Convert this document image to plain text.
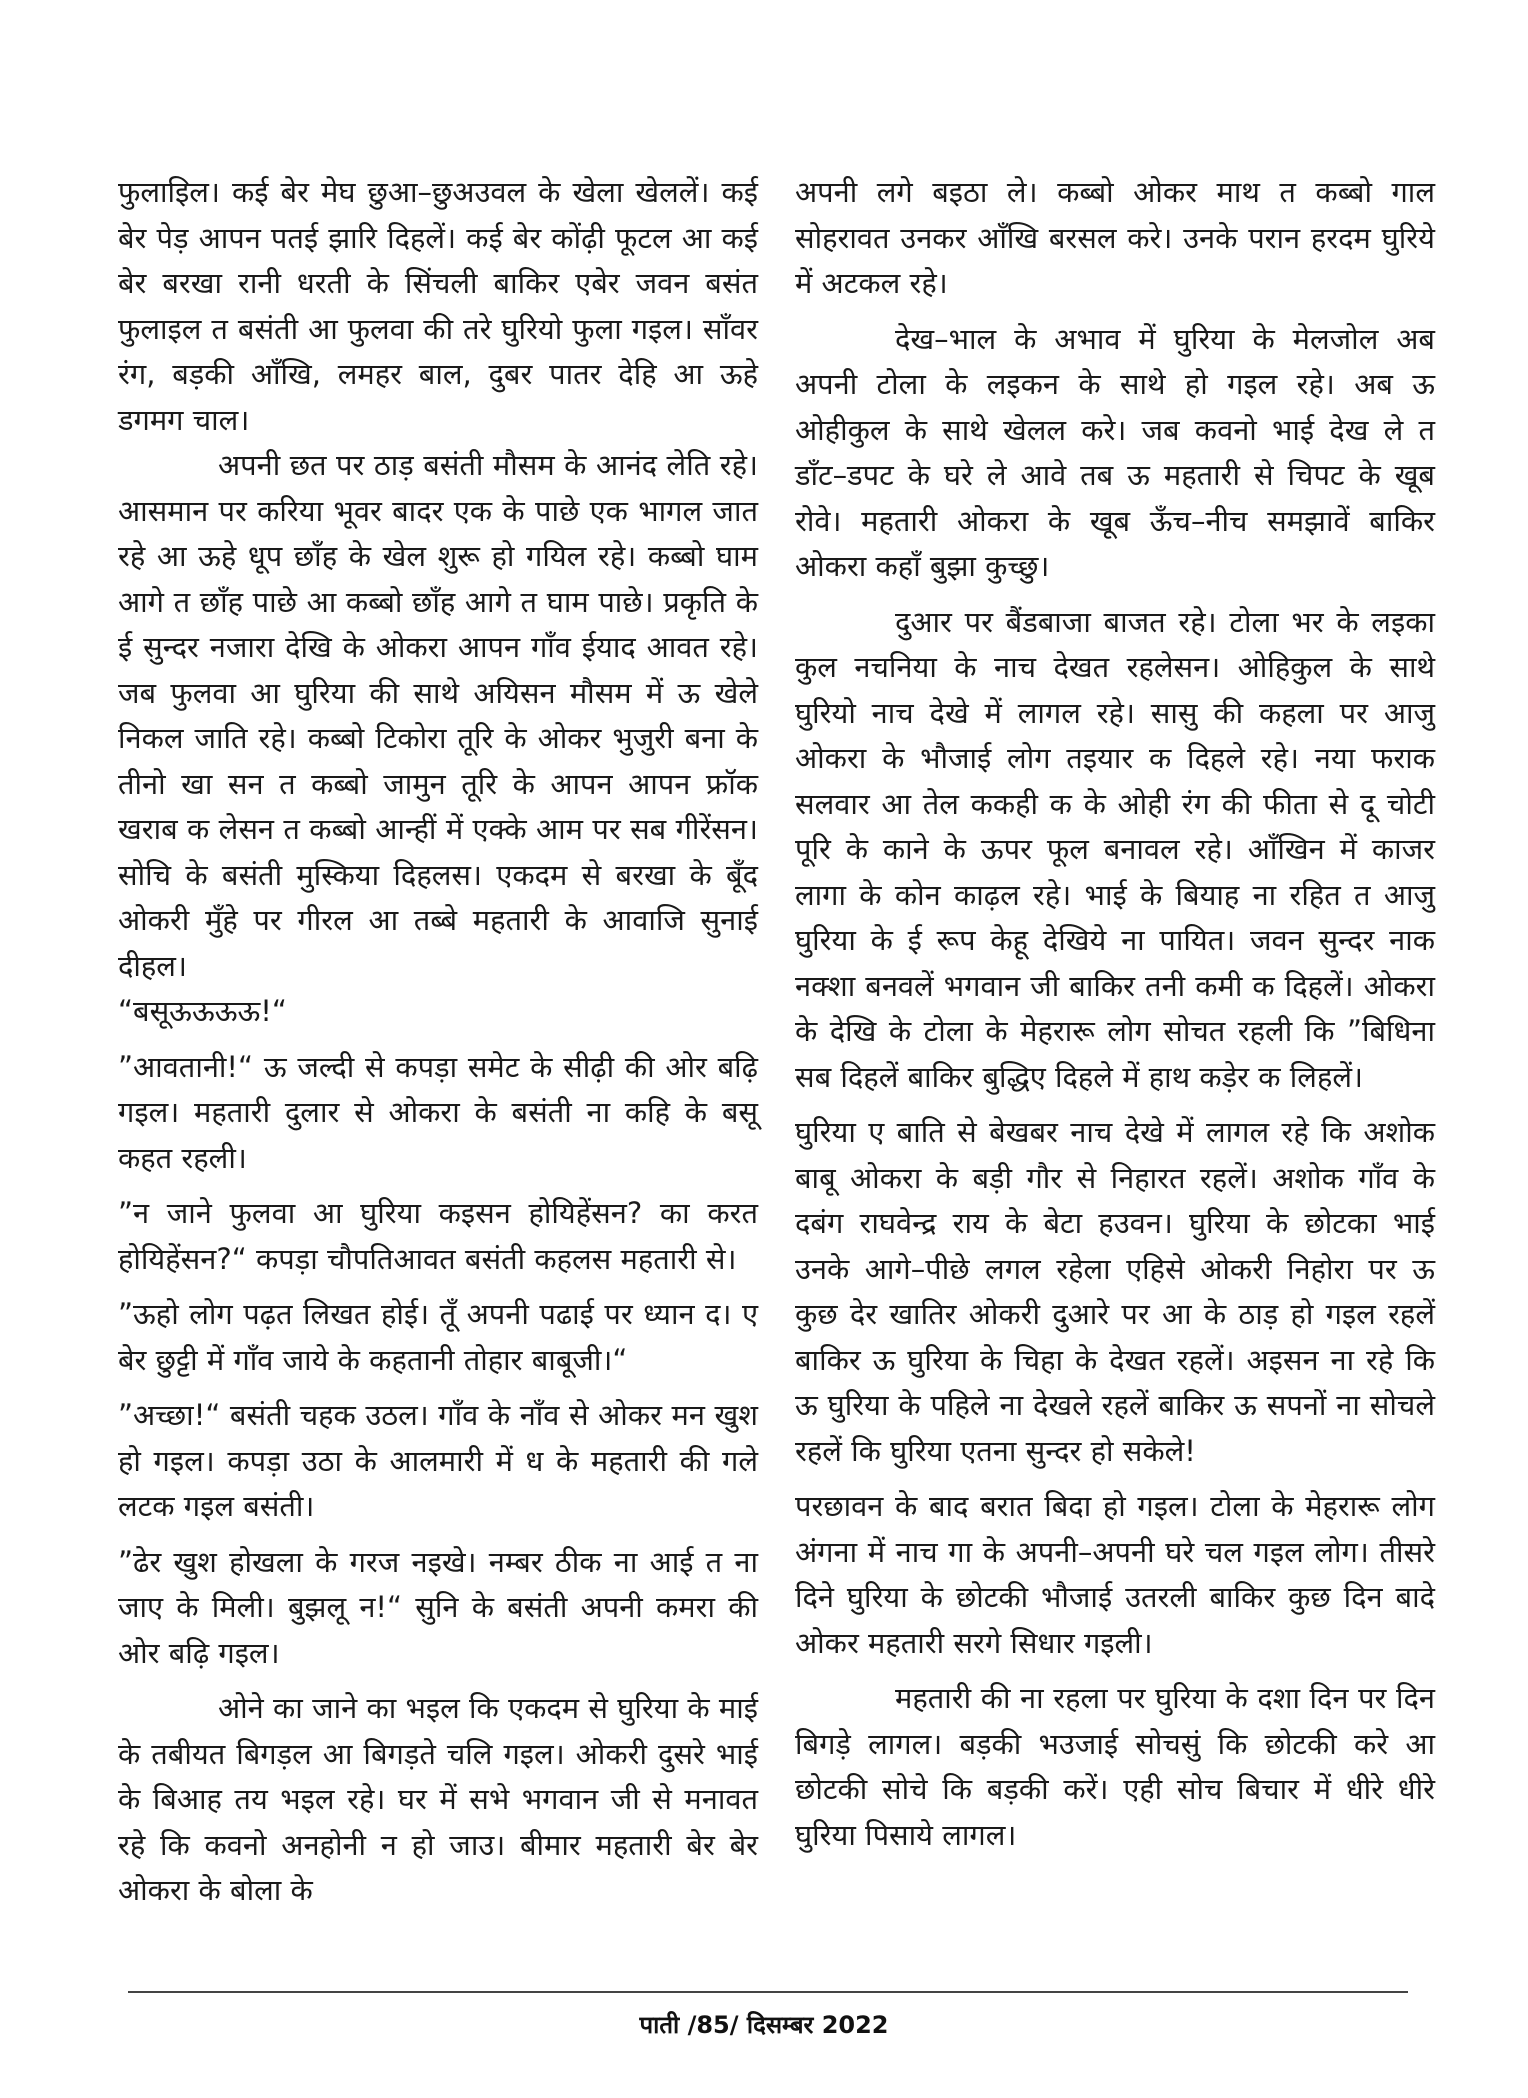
फुलाइिल। कई बेर मेघ छुआ–छुअउवल के खेला खेललें। कई बेर पेड़ आपन पतई झारि दिहलें। कई बेर कोंढ़ी फूटल आ कई बेर बरखा रानी धरती के सिंचली बाकिर एबेर जवन बसंत फुलाइल त बसंती आ फुलवा की तरे घुरियो फुला गइल। साँवर रंग, बड़की आँखि, लमहर बाल, दुबर पातर देहि आ ऊहे डगमग चाल।

अपनी छत पर ठाड़ बसंती मौसम के आनंद लेति रहे। आसमान पर करिया भूवर बादर एक के पाछे एक भागल जात रहे आ ऊहे धूप छाँह के खेल शुरू हो गयिल रहे। कब्बो घाम आगे त छाँह पाछे आ कब्बो छाँह आगे त घाम पाछे। प्रकृति के ई सुन्दर नजारा देखि के ओकरा आपन गाँव ईयाद आवत रहे। जब फुलवा आ घुरिया की साथे अयिसन मौसम में ऊ खेले निकल जाति रहे। कब्बो टिकोरा तूरि के ओकर भुजुरी बना के तीनो खा सन त कब्बो जामुन तूरि के आपन आपन फ्रॉक खराब क लेसन त कब्बो आन्हीं में एक्के आम पर सब गीरेंसन। सोचि के बसंती मुस्किया दिहलस। एकदम से बरखा के बूँद ओकरी मुँहे पर गीरल आ तब्बे महतारी के आवाजि सुनाई दीहल।

“बसूऊऊऊऊ!“

”आवतानी!“ ऊ जल्दी से कपड़ा समेट के सीढ़ी की ओर बढ़ि गइल। महतारी दुलार से ओकरा के बसंती ना कहि के बसू कहत रहली।

”न जाने फुलवा आ घुरिया कइसन होयिहेंसन? का करत होयिहेंसन?“ कपड़ा चौपतिआवत बसंती कहलस महतारी से।

”ऊहो लोग पढ़त लिखत होई। तूँ अपनी पढाई पर ध्यान द। ए बेर छुट्टी में गाँव जाये के कहतानी तोहार बाबूजी।“

”अच्छा!“ बसंती चहक उठल। गाँव के नाँव से ओकर मन खुश हो गइल। कपड़ा उठा के आलमारी में ध के महतारी की गले लटक गइल बसंती।

”ढेर खुश होखला के गरज नइखे। नम्बर ठीक ना आई त ना जाए के मिली। बुझलू न!“ सुनि के बसंती अपनी कमरा की ओर बढ़ि गइल।

ओने का जाने का भइल कि एकदम से घुरिया के माई के तबीयत बिगड़ल आ बिगड़ते चलि गइल। ओकरी दुसरे भाई के बिआह तय भइल रहे। घर में सभे भगवान जी से मनावत रहे कि कवनो अनहोनी न हो जाउ। बीमार महतारी बेर बेर ओकरा के बोला के

अपनी लगे बइठा ले। कब्बो ओकर माथ त कब्बो गाल सोहरावत उनकर आँखि बरसल करे। उनके परान हरदम घुरिये में अटकल रहे।

देख–भाल के अभाव में घुरिया के मेलजोल अब अपनी टोला के लइकन के साथे हो गइल रहे। अब ऊ ओहीकुल के साथे खेलल करे। जब कवनो भाई देख ले त डाँट–डपट के घरे ले आवे तब ऊ महतारी से चिपट के खूब रोवे। महतारी ओकरा के खूब ऊँच–नीच समझावें बाकिर ओकरा कहाँ बुझा कुच्छु।

दुआर पर बैंडबाजा बाजत रहे। टोला भर के लइका कुल नचनिया के नाच देखत रहलेसन। ओहिकुल के साथे घुरियो नाच देखे में लागल रहे। सासु की कहला पर आजु ओकरा के भौजाई लोग तइयार क दिहले रहे। नया फराक सलवार आ तेल ककही क के ओही रंग की फीता से दू चोटी पूरि के काने के ऊपर फूल बनावल रहे। आँखिन में काजर लागा के कोन काढ़ल रहे। भाई के बियाह ना रहित त आजु घुरिया के ई रूप केहू देखिये ना पायित। जवन सुन्दर नाक नक्शा बनवलें भगवान जी बाकिर तनी कमी क दिहलें। ओकरा के देखि के टोला के मेहरारू लोग सोचत रहली कि ”बिधिना सब दिहलें बाकिर बुद्धिए दिहले में हाथ कड़ेर क लिहलें।

घुरिया ए बाति से बेखबर नाच देखे में लागल रहे कि अशोक बाबू ओकरा के बड़ी गौर से निहारत रहलें। अशोक गाँव के दबंग राघवेन्द्र राय के बेटा हउवन। घुरिया के छोटका भाई उनके आगे–पीछे लगल रहेला एहिसे ओकरी निहोरा पर ऊ कुछ देर खातिर ओकरी दुआरे पर आ के ठाड़ हो गइल रहलें बाकिर ऊ घुरिया के चिहा के देखत रहलें। अइसन ना रहे कि ऊ घुरिया के पहिले ना देखले रहलें बाकिर ऊ सपनों ना सोचले रहलें कि घुरिया एतना सुन्दर हो सकेले!

परछावन के बाद बरात बिदा हो गइल। टोला के मेहरारू लोग अंगना में नाच गा के अपनी–अपनी घरे चल गइल लोग। तीसरे दिने घुरिया के छोटकी भौजाई उतरली बाकिर कुछ दिन बादे ओकर महतारी सरगे सिधार गइली।

महतारी की ना रहला पर घुरिया के दशा दिन पर दिन बिगड़े लागल। बड़की भउजाई सोचसुं कि छोटकी करे आ छोटकी सोचे कि बड़की करें। एही सोच बिचार में धीरे धीरे घुरिया पिसाये लागल।

पाती /85/ दिसम्बर 2022
